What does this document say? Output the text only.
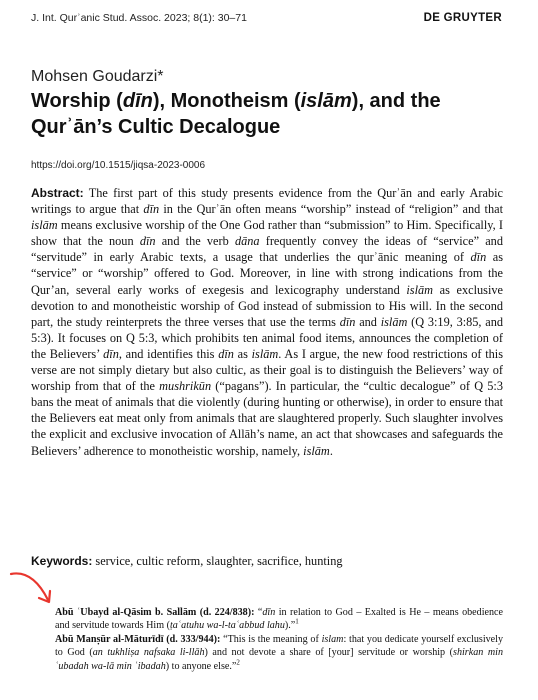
J. Int. Qurʾanic Stud. Assoc. 2023; 8(1): 30–71	DE GRUYTER
Mohsen Goudarzi*
Worship (dīn), Monotheism (islām), and the Qurʾān’s Cultic Decalogue
https://doi.org/10.1515/jiqsa-2023-0006

Abstract: The first part of this study presents evidence from the Qurʾān and early Arabic writings to argue that dīn in the Qurʾān often means “worship” instead of “religion” and that islām means exclusive worship of the One God rather than “submission” to Him. Specifically, I show that the noun dīn and the verb dāna frequently convey the ideas of “service” and “servitude” in early Arabic texts, a usage that underlies the qurʾānic meaning of dīn as “service” or “worship” offered to God. Moreover, in line with strong indications from the Qur’an, several early works of exegesis and lexicography understand islām as exclusive devotion to and monotheistic worship of God instead of submission to His will. In the second part, the study reinterprets the three verses that use the terms dīn and islām (Q 3:19, 3:85, and 5:3). It focuses on Q 5:3, which prohibits ten animal food items, announces the completion of the Believers’ dīn, and identifies this dīn as islām. As I argue, the new food restrictions of this verse are not simply dietary but also cultic, as their goal is to distinguish the Believers’ way of worship from that of the mushrikūn (“pagans”). In particular, the “cultic decalogue” of Q 5:3 bans the meat of animals that die violently (during hunting or otherwise), in order to ensure that the Believers eat meat only from animals that are slaughtered properly. Such slaughter involves the explicit and exclusive invocation of Allāh’s name, an act that showcases and safeguards the Believers’ adherence to monotheistic worship, namely, islām.

Keywords: service, cultic reform, slaughter, sacrifice, hunting

Abū ʿUbayd al-Qāsim b. Sallām (d. 224/838): “dīn in relation to God – Exalted is He – means obedience and servitude towards Him (ṭaʿatuhu wa-l-taʿabbud lahu).”$^1$

Abū Manṣūr al-Māturīdī (d. 333/944): “This is the meaning of islam: that you dedicate yourself exclusively to God (an tukhliṣa nafsaka li-llāh) and not devote a share of [your] servitude or worship (shirkan min ʿubadah wa-lā min ʿibadah) to anyone else.”$^2$
